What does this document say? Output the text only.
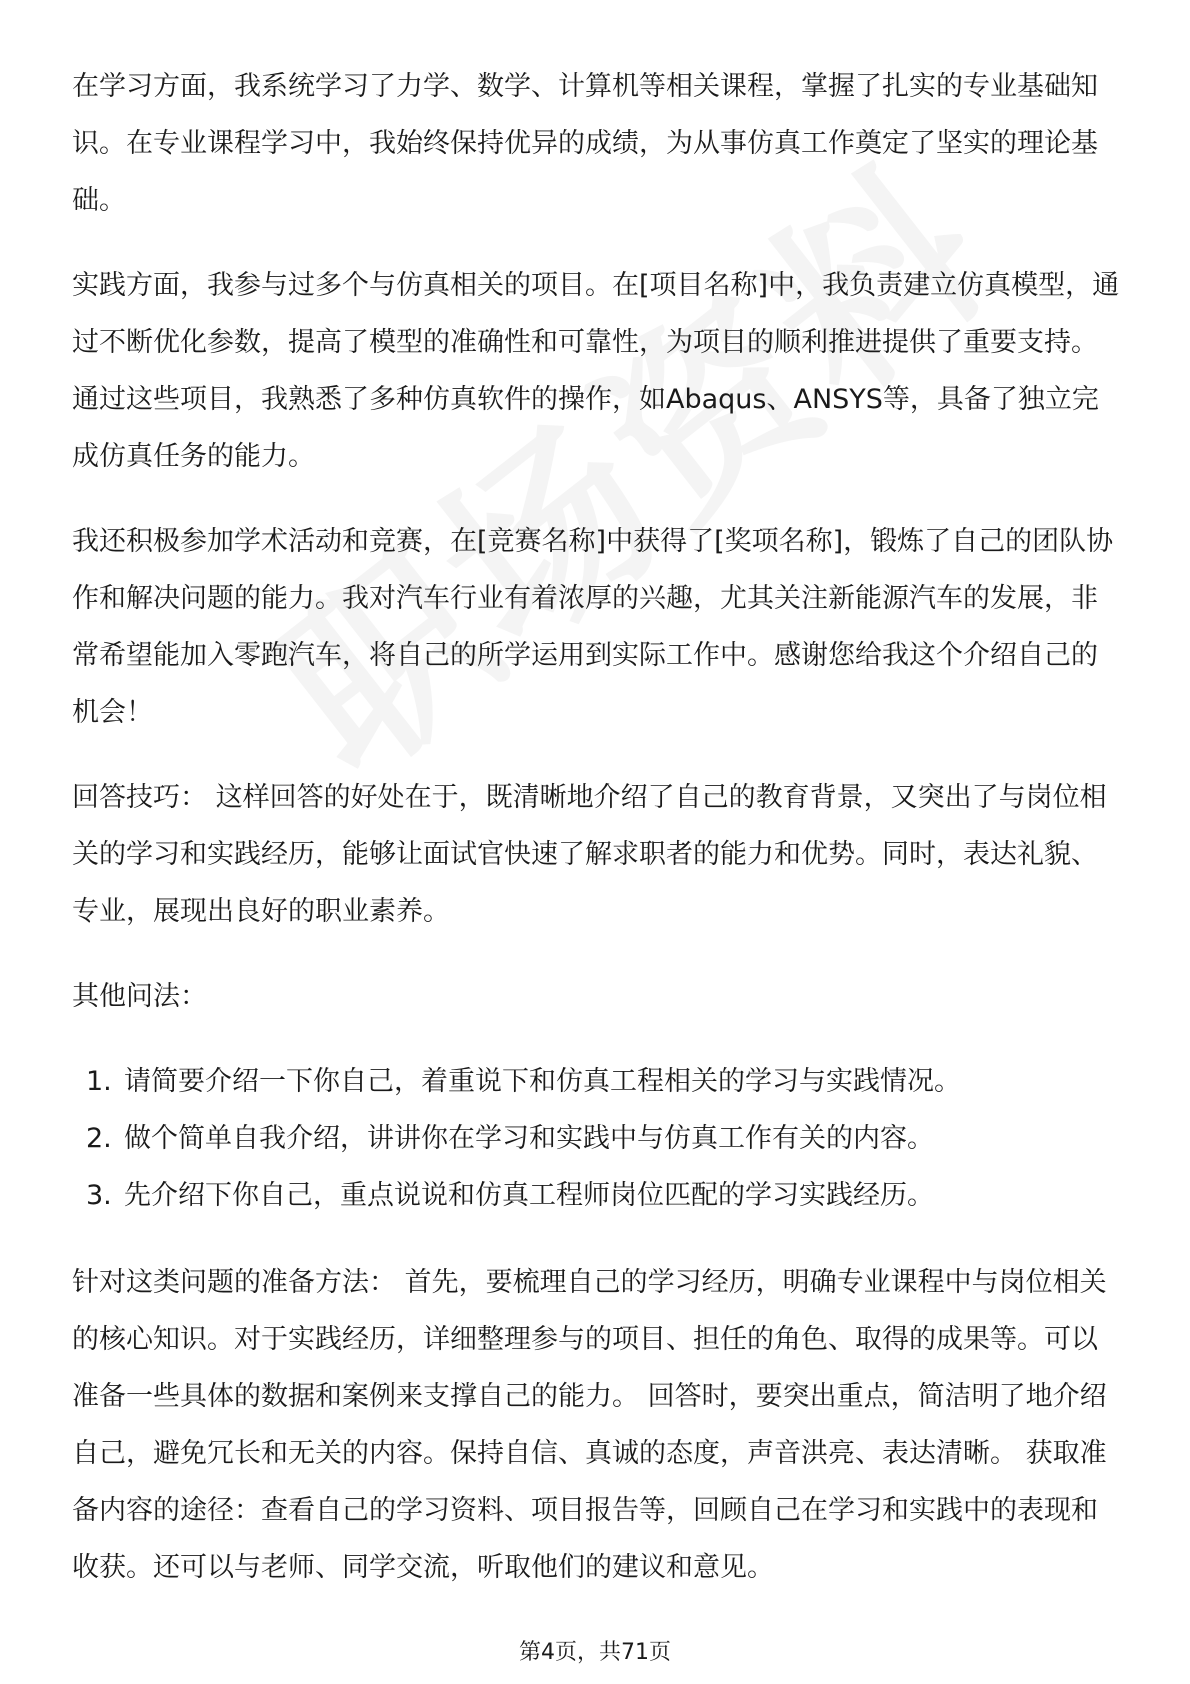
在学习方面，我系统学习了力学、数学、计算机等相关课程，掌握了扎实的专业基础知识。在专业课程学习中，我始终保持优异的成绩，为从事仿真工作奠定了坚实的理论基础。

实践方面，我参与过多个与仿真相关的项目。在[项目名称]中，我负责建立仿真模型，通过不断优化参数，提高了模型的准确性和可靠性，为项目的顺利推进提供了重要支持。通过这些项目，我熟悉了多种仿真软件的操作，如Abaqus、ANSYS等，具备了独立完成仿真任务的能力。

我还积极参加学术活动和竞赛，在[竞赛名称]中获得了[奖项名称]，锻炼了自己的团队协作和解决问题的能力。我对汽车行业有着浓厚的兴趣，尤其关注新能源汽车的发展，非常希望能加入零跑汽车，将自己的所学运用到实际工作中。感谢您给我这个介绍自己的机会！

回答技巧： 这样回答的好处在于，既清晰地介绍了自己的教育背景，又突出了与岗位相关的学习和实践经历，能够让面试官快速了解求职者的能力和优势。同时，表达礼貌、专业，展现出良好的职业素养。

其他问法：

1. 请简要介绍一下你自己，着重说下和仿真工程相关的学习与实践情况。
2. 做个简单自我介绍，讲讲你在学习和实践中与仿真工作有关的内容。
3. 先介绍下你自己，重点说说和仿真工程师岗位匹配的学习实践经历。

针对这类问题的准备方法： 首先，要梳理自己的学习经历，明确专业课程中与岗位相关的核心知识。对于实践经历，详细整理参与的项目、担任的角色、取得的成果等。可以准备一些具体的数据和案例来支撑自己的能力。 回答时，要突出重点，简洁明了地介绍自己，避免冗长和无关的内容。保持自信、真诚的态度，声音洪亮、表达清晰。 获取准备内容的途径：查看自己的学习资料、项目报告等，回顾自己在学习和实践中的表现和收获。还可以与老师、同学交流，听取他们的建议和意见。

第4页，共71页
